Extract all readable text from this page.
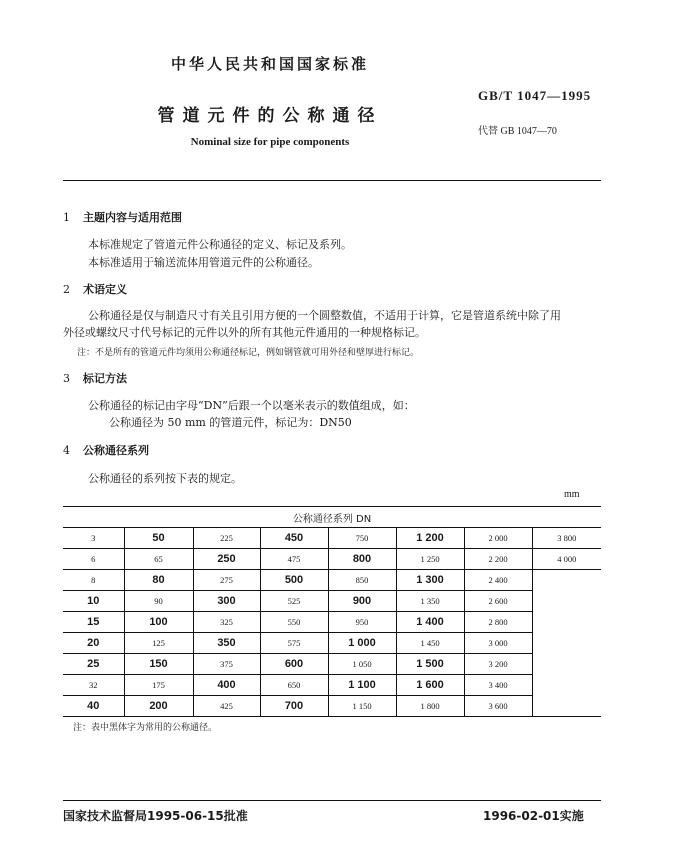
中华人民共和国国家标准
GB/T 1047—1995
管道元件的公称通径
代替 GB 1047—70
Nominal size for pipe components
1 主题内容与适用范围
本标准规定了管道元件公称通径的定义、标记及系列。
本标准适用于输送流体用管道元件的公称通径。
2 术语定义
公称通径是仅与制造尺寸有关且引用方便的一个圆整数值，不适用于计算，它是管道系统中除了用
外径或螺纹尺寸代号标记的元件以外的所有其他元件通用的一种规格标记。
注：不是所有的管道元件均须用公称通径标记，例如钢管就可用外径和壁厚进行标记。
3 标记方法
公称通径的标记由字母“DN”后跟一个以毫米表示的数值组成，如：
公称通径为 50 mm 的管道元件，标记为：DN50
4 公称通径系列
公称通径的系列按下表的规定。
mm
公称通径系列 DN							
3	50	225	450	750	1 200	2 000	3 800
6	65	250	475	800	1 250	2 200	4 000
8	80	275	500	850	1 300	2 400	
10	90	300	525	900	1 350	2 600	
15	100	325	550	950	1 400	2 800	
20	125	350	575	1 000	1 450	3 000	
25	150	375	600	1 050	1 500	3 200	
32	175	400	650	1 100	1 600	3 400	
40	200	425	700	1 150	1 800	3 600	
注：表中黑体字为常用的公称通径。
国家技术监督局1995-06-15批准	1996-02-01实施
